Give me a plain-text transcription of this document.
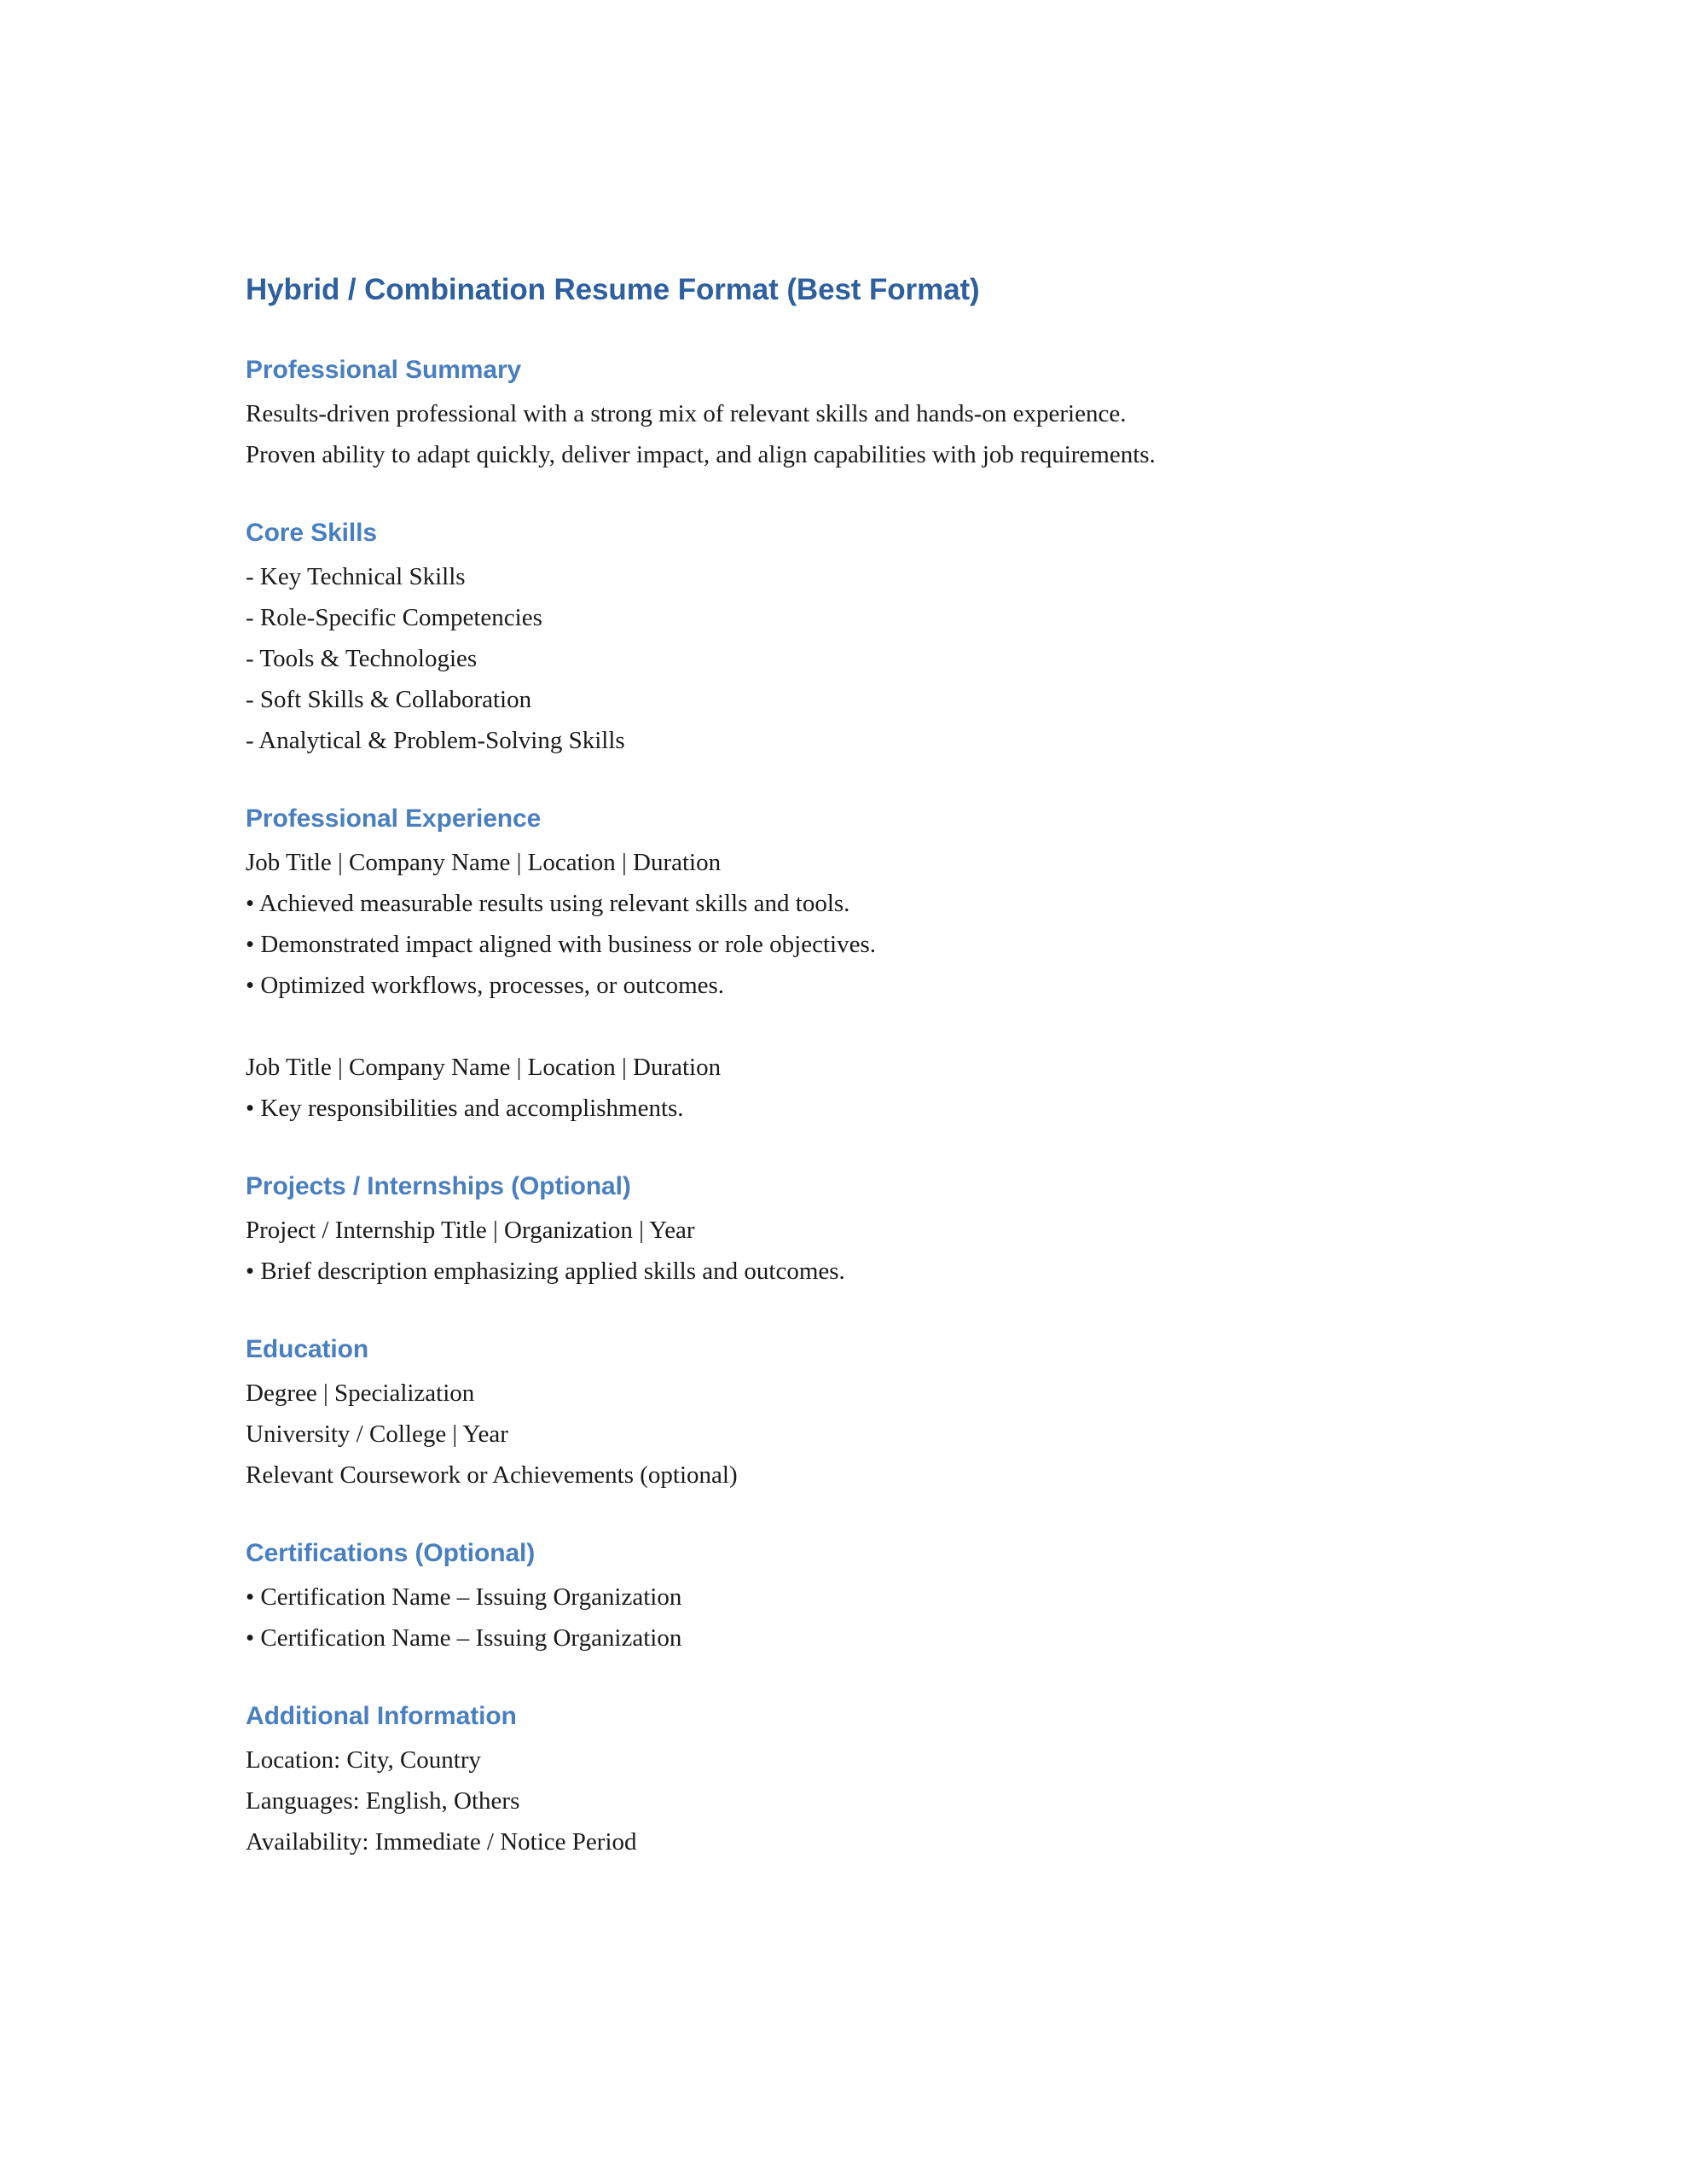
Hybrid / Combination Resume Format (Best Format)
Professional Summary

Results-driven professional with a strong mix of relevant skills and hands-on experience.

Proven ability to adapt quickly, deliver impact, and align capabilities with job requirements.

Core Skills

- Key Technical Skills

- Role-Specific Competencies

- Tools & Technologies

- Soft Skills & Collaboration

- Analytical & Problem-Solving Skills

Professional Experience

Job Title | Company Name | Location | Duration

• Achieved measurable results using relevant skills and tools.

• Demonstrated impact aligned with business or role objectives.

• Optimized workflows, processes, or outcomes.

Job Title | Company Name | Location | Duration

• Key responsibilities and accomplishments.

Projects / Internships (Optional)

Project / Internship Title | Organization | Year

• Brief description emphasizing applied skills and outcomes.

Education

Degree | Specialization

University / College | Year

Relevant Coursework or Achievements (optional)

Certifications (Optional)

• Certification Name – Issuing Organization

• Certification Name – Issuing Organization

Additional Information

Location: City, Country

Languages: English, Others

Availability: Immediate / Notice Period
